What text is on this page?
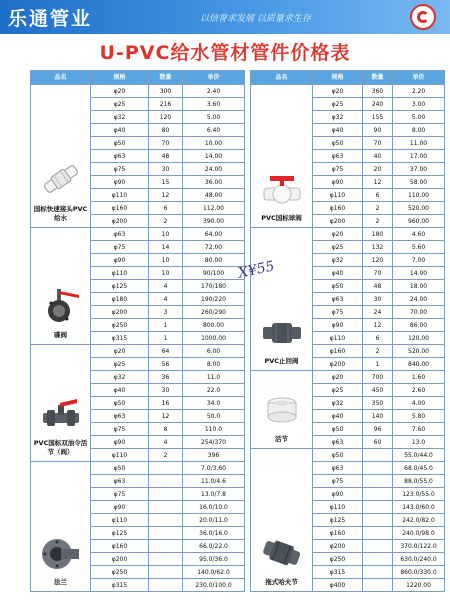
乐通管业	以信誉求发展 以质量求生存
U-PVC给水管材管件价格表
品名	规格	数量	单价

国标快速接头PVC给水	φ20	300	2.40
	φ25	216	3.60
	φ32	120	5.00
	φ40	80	6.40
	φ50	70	10.00
	φ63	48	14.00
	φ75	30	24.00
	φ90	15	36.00
	φ110	12	48.00
	φ160	6	112.00
	φ200	2	390.00

碟阀	φ63	10	64.00
	φ75	14	72.00
	φ90	10	80.00
	φ110	10	90/100
	φ125	4	170/180
	φ180	4	190/220
	φ200	3	260/290
	φ250	1	800.00
	φ315	1	1000.00

PVC国标双油令活节（阀）	φ20	64	6.00
	φ25	56	8.00
	φ32	36	11.0
	φ40	30	22.0
	φ50	16	34.0
	φ63	12	50.0
	φ75	8	110.0
	φ90	4	254/370
	φ110	2	396

法兰	φ50		7.0/3.60
	φ63		11.0/4.6
	φ75		13.0/7.8
	φ90		16.0/10.0
	φ110		20.0/11.0
	φ125		36.0/16.0
	φ160		66.0/22.0
	φ200		95.0/36.0
	φ250		140.0/62.0
	φ315		230.0/100.0
品名	规格	数量	单价

PVC国标球阀	φ20	360	2.20
	φ25	240	3.00
	φ32	155	5.00
	φ40	90	8.00
	φ50	70	11.00
	φ63	40	17.00
	φ75	20	37.00
	φ90	12	58.00
	φ110	6	110.00
	φ160	2	520.00
	φ200	2	960.00

PVC止回阀	φ20	180	4.60
	φ25	132	5.60
	φ32	120	7.00
	φ40	70	14.00
	φ50	48	18.00
	φ63	30	24.00
	φ75	24	70.00
	φ90	12	86.00
	φ110	6	120.00
	φ160	2	520.00
	φ200	1	840.00

活节	φ20	700	1.60
	φ25	450	2.60
	φ32	350	4.00
	φ40	140	5.80
	φ50	96	7.60
	φ63	60	13.0

拖式哈夫节	φ50		55.0/44.0
	φ63		68.0/45.0
	φ75		88.0/55.0
	φ90		123.0/55.0
	φ110		143.0/60.0
	φ125		242.0/82.0
	φ160		240.0/98.0
	φ200		370.0/122.0
	φ250		630.0/240.0
	φ315		860.0/330.0
	φ400		1220.00
X¥55
